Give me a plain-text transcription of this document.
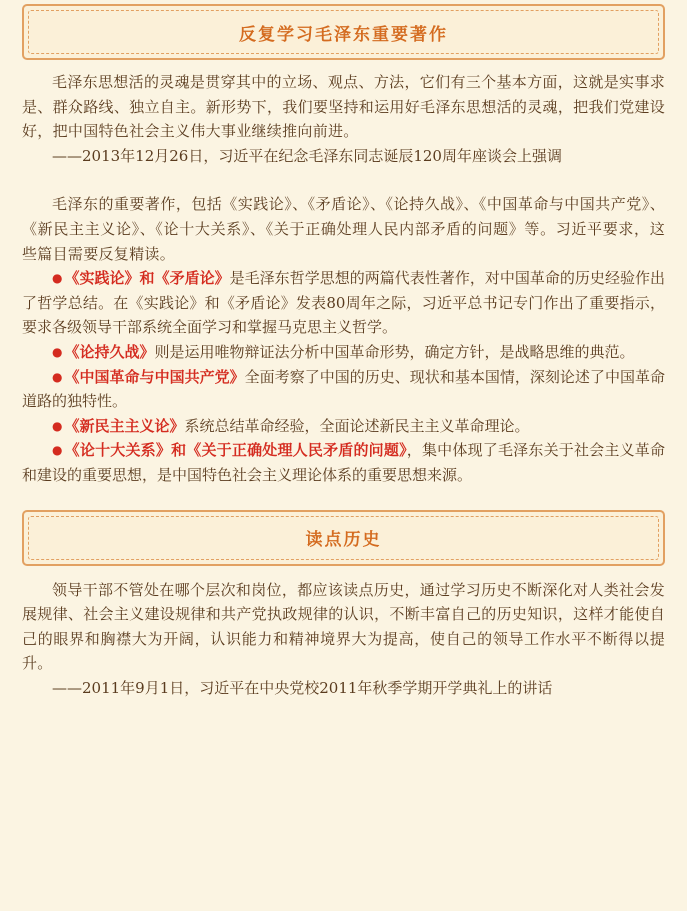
反复学习毛泽东重要著作

毛泽东思想活的灵魂是贯穿其中的立场、观点、方法，它们有三个基本方面，这就是实事求是、群众路线、独立自主。新形势下，我们要坚持和运用好毛泽东思想活的灵魂，把我们党建设好，把中国特色社会主义伟大事业继续推向前进。

——2013年12月26日，习近平在纪念毛泽东同志诞辰120周年座谈会上强调

毛泽东的重要著作，包括《实践论》、《矛盾论》、《论持久战》、《中国革命与中国共产党》、《新民主主义论》、《论十大关系》、《关于正确处理人民内部矛盾的问题》等。习近平要求，这些篇目需要反复精读。

● 《实践论》和《矛盾论》是毛泽东哲学思想的两篇代表性著作，对中国革命的历史经验作出了哲学总结。在《实践论》和《矛盾论》发表80周年之际，习近平总书记专门作出了重要指示，要求各级领导干部系统全面学习和掌握马克思主义哲学。

● 《论持久战》则是运用唯物辩证法分析中国革命形势，确定方针，是战略思维的典范。

● 《中国革命与中国共产党》全面考察了中国的历史、现状和基本国情，深刻论述了中国革命道路的独特性。

● 《新民主主义论》系统总结革命经验，全面论述新民主主义革命理论。

● 《论十大关系》和《关于正确处理人民矛盾的问题》，集中体现了毛泽东关于社会主义革命和建设的重要思想，是中国特色社会主义理论体系的重要思想来源。

读点历史

领导干部不管处在哪个层次和岗位，都应该读点历史，通过学习历史不断深化对人类社会发展规律、社会主义建设规律和共产党执政规律的认识，不断丰富自己的历史知识，这样才能使自己的眼界和胸襟大为开阔，认识能力和精神境界大为提高，使自己的领导工作水平不断得以提升。

——2011年9月1日，习近平在中央党校2011年秋季学期开学典礼上的讲话
